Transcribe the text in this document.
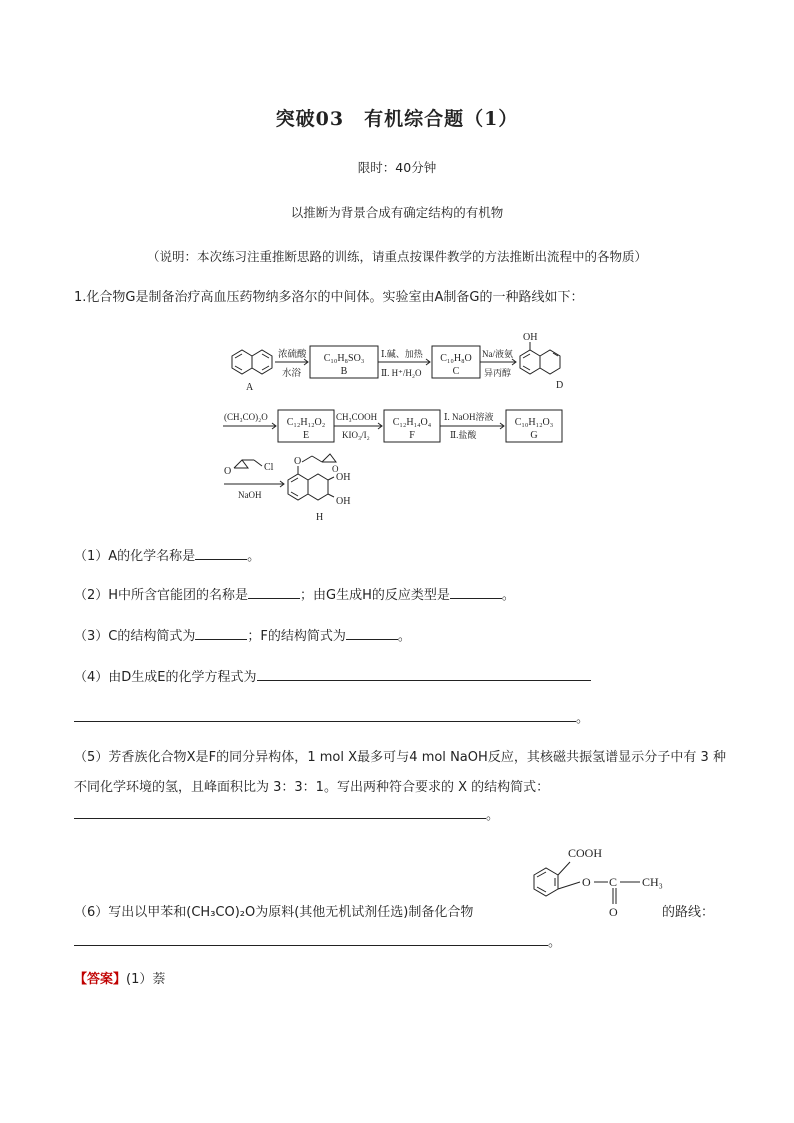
突破03　有机综合题（1）
限时：40分钟
以推断为背景合成有确定结构的有机物
（说明：本次练习注重推断思路的训练，请重点按课件教学的方法推断出流程中的各物质）
1.化合物G是制备治疗高血压药物纳多洛尔的中间体。实验室由A制备G的一种路线如下：
A
浓硫酸
水浴
C₁₀H₈SO₃
B
Ⅰ.碱、加热
Ⅱ. H⁺/H₂O
C₁₀H₈O
C
Na/液氨
异丙醇
OH
D
(CH₃CO)₂O C₁₂H₁₂O₂
E
CH₃COOH
KIO₃/I₂
C₁₂H₁₄O₄
F
Ⅰ. NaOH溶液
Ⅱ.盐酸
C₁₀H₁₂O₃
G
O	Cl
NaOH
O
O
OH
OH
H
（1）A的化学名称是	。
（2）H中所含官能团的名称是	；由G生成H的反应类型是	。
（3）C的结构简式为	；F的结构简式为	。
（4）由D生成E的化学方程式为
。
（5）芳香族化合物X是F的同分异构体，1 mol X最多可与4 mol NaOH反应，其核磁共振氢谱显示分子中有 3 种不同化学环境的氢，且峰面积比为 3：3：1。写出两种符合要求的 X 的结构简式：
。
COOH
O C CH₃
O
（6）写出以甲苯和(CH₃CO)₂O为原料(其他无机试剂任选)制备化合物	的路线：
。
【答案】(1）萘
